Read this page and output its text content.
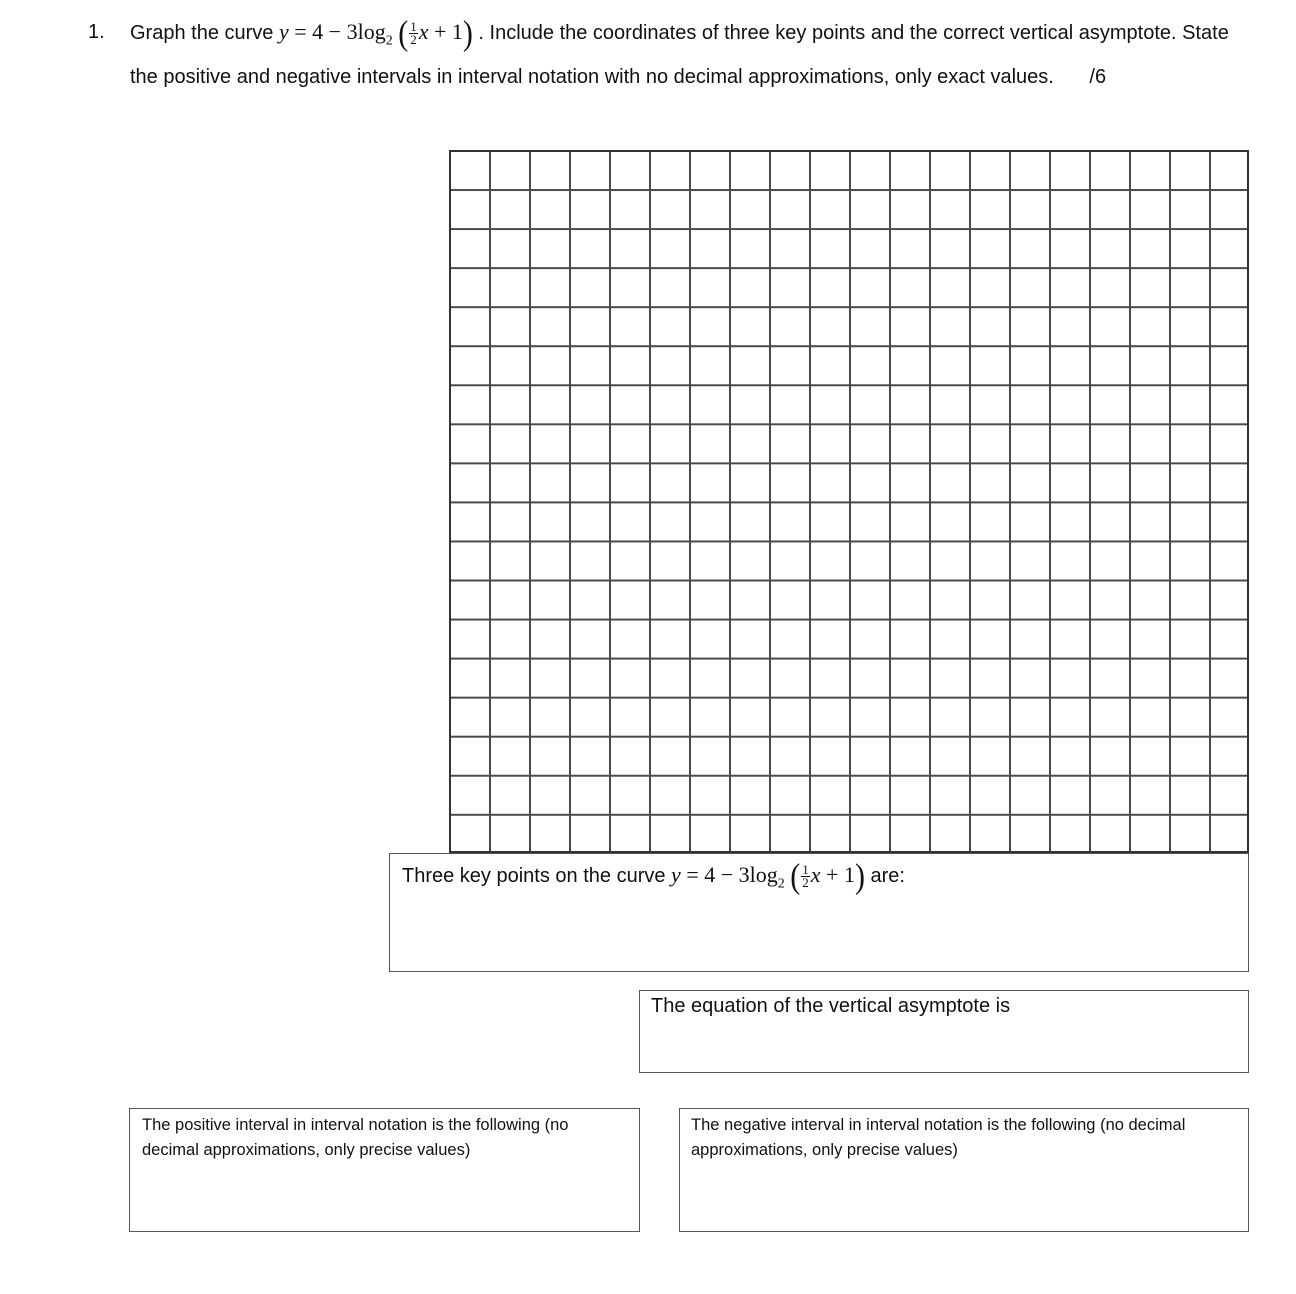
1. Graph the curve $y = 4 - 3\log_2$ ( $\frac{1}{2}$ x + 1) . Include the coordinates of three key points and the correct vertical asymptote. State the positive and negative intervals in interval notation with no decimal approximations, only exact values. /6
Three key points on the curve $y = 4 - 3\log_2$ ( $\frac{1}{2}$ x + 1) are:
The equation of the vertical asymptote is
The positive interval in interval notation is the following (no decimal approximations, only precise values)
The negative interval in interval notation is the following (no decimal approximations, only precise values)
